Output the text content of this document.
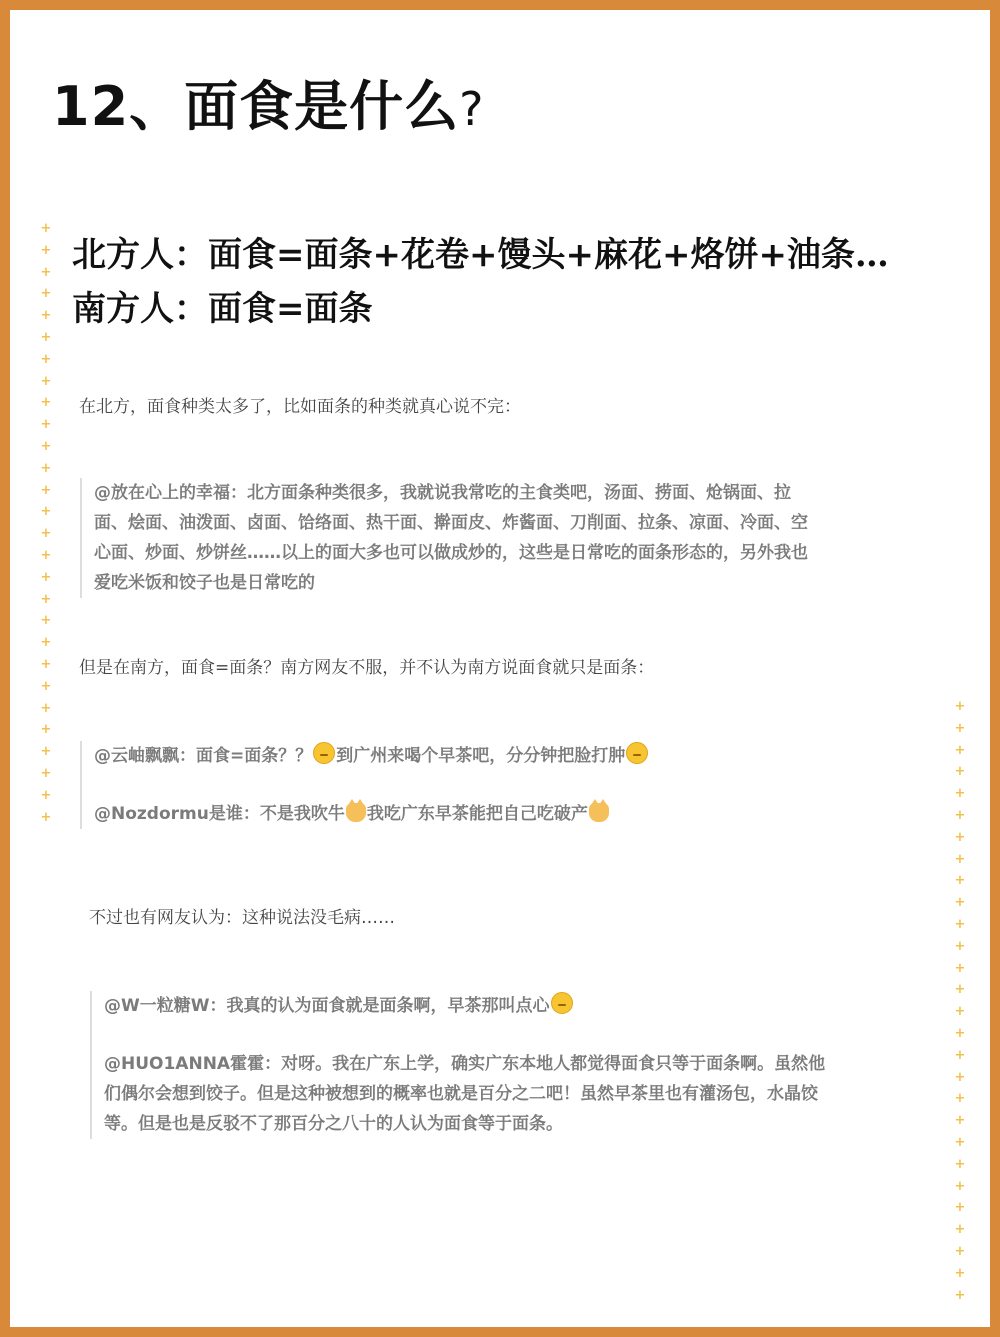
+
+
+
+
+
+
+
+
+
+
+
+
+
+
+
+
+
+
+
+
+
+
+
+
+
+
+
+
+
+
+
+
+
+
+
+
+
+
+
+
+
+
+
+
+
+
+
+
+
+
+
+
+
+
+
+
12、面食是什么?
北方人：面食=面条+花卷+馒头+麻花+烙饼+油条…
南方人：面食=面条

在北方，面食种类太多了，比如面条的种类就真心说不完：

@放在心上的幸福：北方面条种类很多，我就说我常吃的主食类吧，汤面、捞面、炝锅面、拉

面、烩面、油泼面、卤面、饸络面、热干面、擀面皮、炸酱面、刀削面、拉条、凉面、冷面、空

心面、炒面、炒饼丝……以上的面大多也可以做成炒的，这些是日常吃的面条形态的，另外我也

爱吃米饭和饺子也是日常吃的

但是在南方，面食=面条？南方网友不服，并不认为南方说面食就只是面条：

@云岫飘飘：面食=面条？？ 到广州来喝个早茶吧，分分钟把脸打肿

@Nozdormu是谁：不是我吹牛 我吃广东早茶能把自己吃破产

不过也有网友认为：这种说法没毛病……

@W一粒糖W：我真的认为面食就是面条啊，早茶那叫点心

@HUO1ANNA霍霍：对呀。我在广东上学，确实广东本地人都觉得面食只等于面条啊。虽然他

们偶尔会想到饺子。但是这种被想到的概率也就是百分之二吧！虽然早茶里也有灌汤包，水晶饺

等。但是也是反驳不了那百分之八十的人认为面食等于面条。
